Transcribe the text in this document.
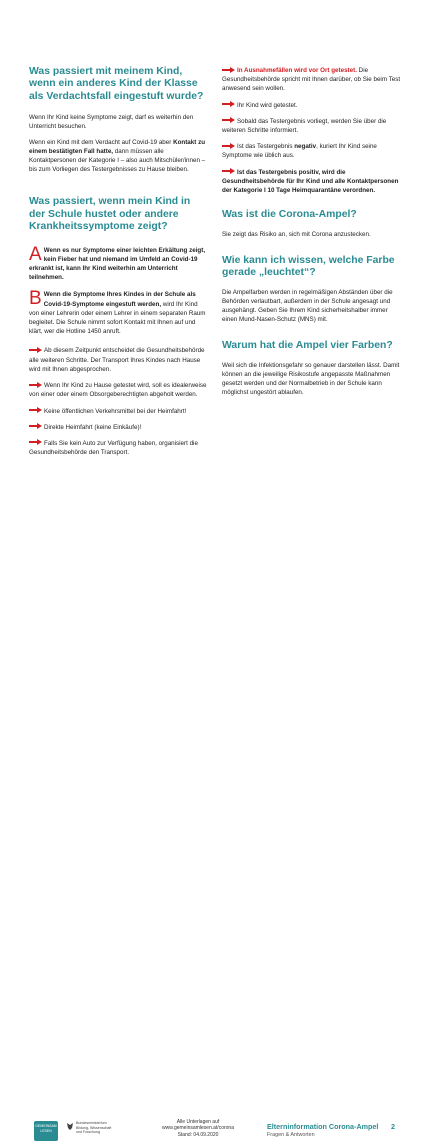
Was passiert mit meinem Kind, wenn ein anderes Kind der Klasse als Verdachtsfall eingestuft wurde?

Wenn Ihr Kind keine Symptome zeigt, darf es weiterhin den Unterricht besuchen.

Wenn ein Kind mit dem Verdacht auf Covid-19 aber Kontakt zu einem bestätigten Fall hatte, dann müssen alle Kontaktpersonen der Kategorie I – also auch Mitschüler/innen – bis zum Vorliegen des Testergebnisses zu Hause bleiben.

Was passiert, wenn mein Kind in der Schule hustet oder andere Krankheitssymptome zeigt?

A Wenn es nur Symptome einer leichten Erkältung zeigt, kein Fieber hat und niemand im Umfeld an Covid-19 erkrankt ist, kann Ihr Kind weiterhin am Unterricht teilnehmen.

B Wenn die Symptome Ihres Kindes in der Schule als Covid-19-Symptome eingestuft werden, wird Ihr Kind von einer Lehrerin oder einem Lehrer in einem separaten Raum begleitet. Die Schule nimmt sofort Kontakt mit Ihnen auf und klärt, wer die Hotline 1450 anruft.

Ab diesem Zeitpunkt entscheidet die Gesundheitsbehörde alle weiteren Schritte. Der Transport Ihres Kindes nach Hause wird mit Ihnen abgesprochen.

Wenn Ihr Kind zu Hause getestet wird, soll es idealerweise von einer oder einem Obsorgeberechtigten abgeholt werden.

Keine öffentlichen Verkehrsmittel bei der Heimfahrt!

Direkte Heimfahrt (keine Einkäufe)!

Falls Sie kein Auto zur Verfügung haben, organisiert die Gesundheitsbehörde den Transport.

In Ausnahmefällen wird vor Ort getestet. Die Gesundheitsbehörde spricht mit Ihnen darüber, ob Sie beim Test anwesend sein wollen.

Ihr Kind wird getestet.

Sobald das Testergebnis vorliegt, werden Sie über die weiteren Schritte informiert.

Ist das Testergebnis negativ, kuriert Ihr Kind seine Symptome wie üblich aus.

Ist das Testergebnis positiv, wird die Gesundheitsbehörde für Ihr Kind und alle Kontaktpersonen der Kategorie I 10 Tage Heimquarantäne verordnen.

Was ist die Corona-Ampel?

Sie zeigt das Risiko an, sich mit Corona anzustecken.

Wie kann ich wissen, welche Farbe gerade „leuchtet“?

Die Ampelfarben werden in regelmäßigen Abständen über die Behörden verlautbart, außerdem in der Schule angesagt und ausgehängt. Geben Sie Ihrem Kind sicherheitshalber immer einen Mund-Nasen-Schutz (MNS) mit.

Warum hat die Ampel vier Farben?

Weil sich die Infektionsgefahr so genauer darstellen lässt. Damit können an die jeweilige Risikostufe angepasste Maßnahmen gesetzt werden und der Normalbetrieb in der Schule kann möglichst ungestört ablaufen.

GEMEINSAM LESEN
Bundesministerium
Bildung, Wissenschaft
und Forschung
Alle Unterlagen auf
www.gemeinsamlesen.at/corona
Stand: 04.09.2020
Elterninformation Corona-Ampel
Fragen & Antworten
2
